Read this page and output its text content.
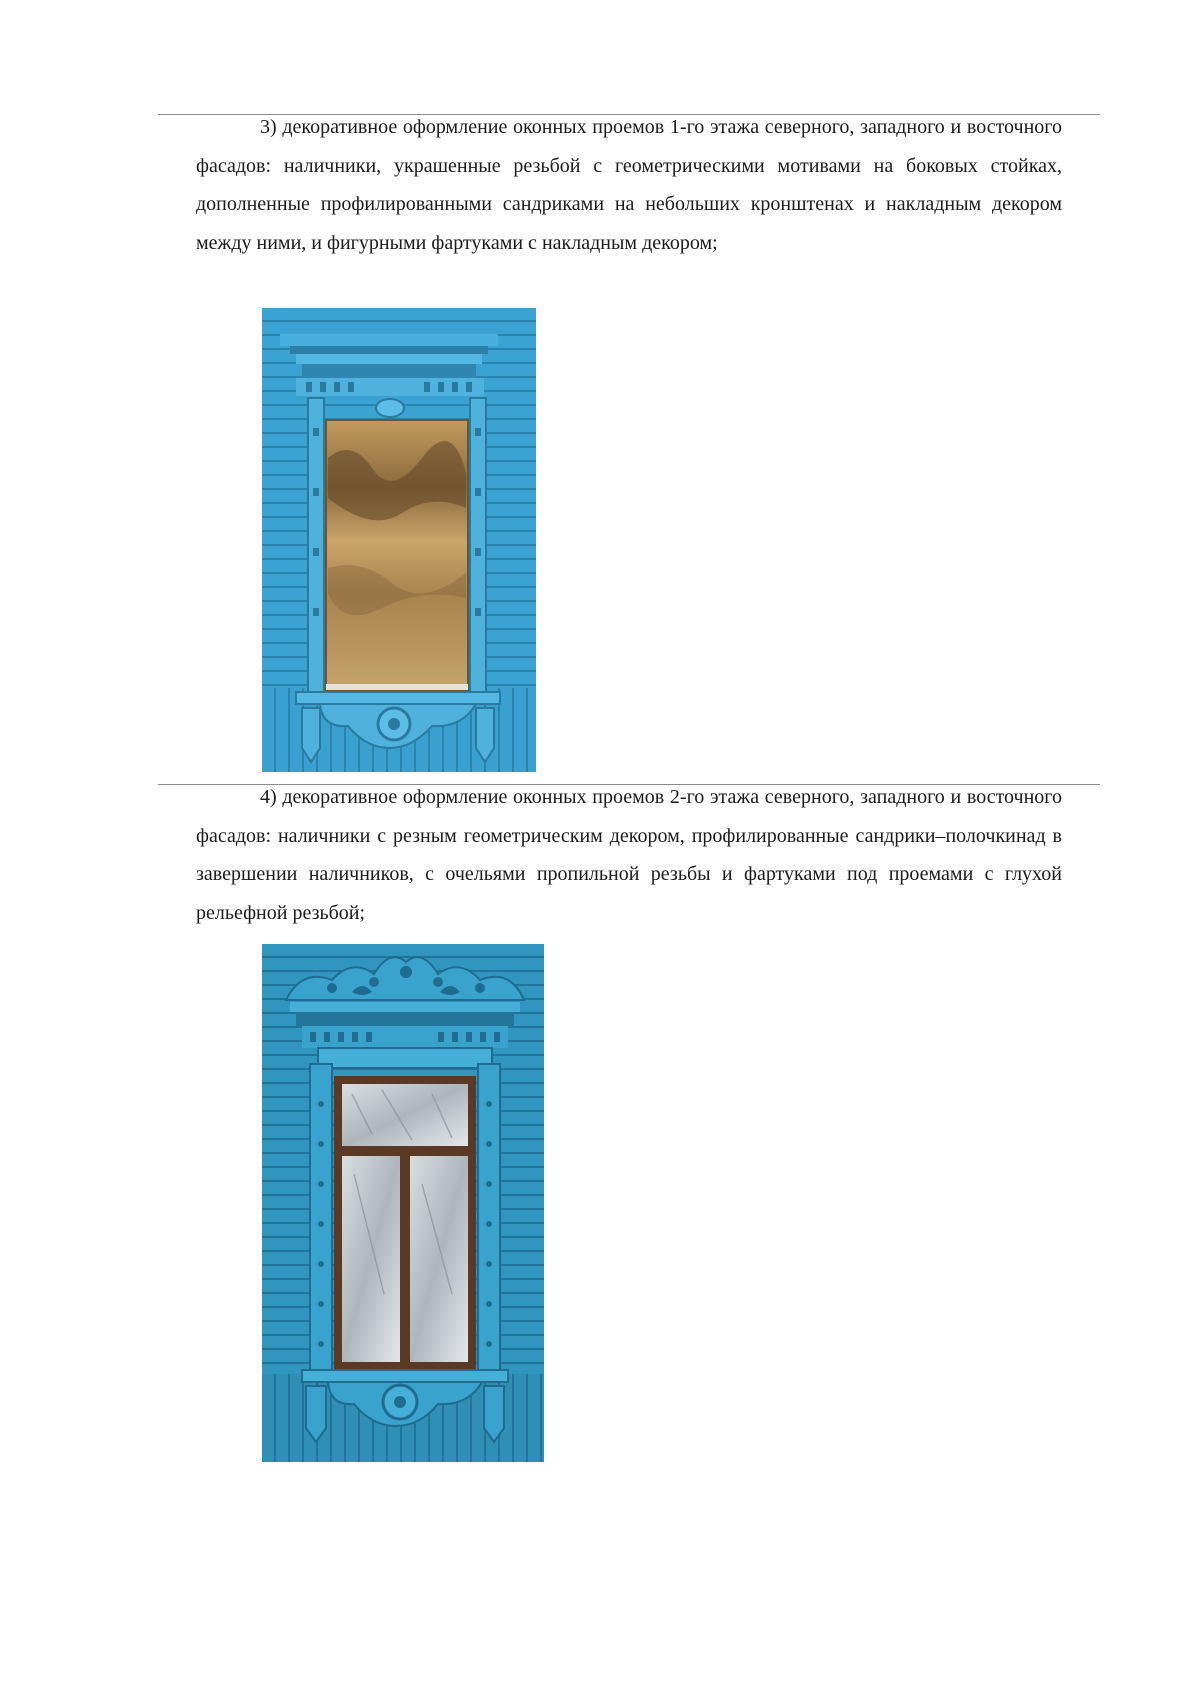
3) декоративное оформление оконных проемов 1-го этажа северного, западного и восточного фасадов: наличники, украшенные резьбой с геометрическими мотивами на боковых стойках, дополненные профилированными сандриками на небольших кронштенах и накладным декором между ними, и фигурными фартуками с накладным декором;

4) декоративное оформление оконных проемов 2-го этажа северного, западного и восточного фасадов: наличники с резным геометрическим декором, профилированные сандрики–полочкинад в завершении наличников, с очельями пропильной резьбы и фартуками под проемами с глухой рельефной резьбой;
